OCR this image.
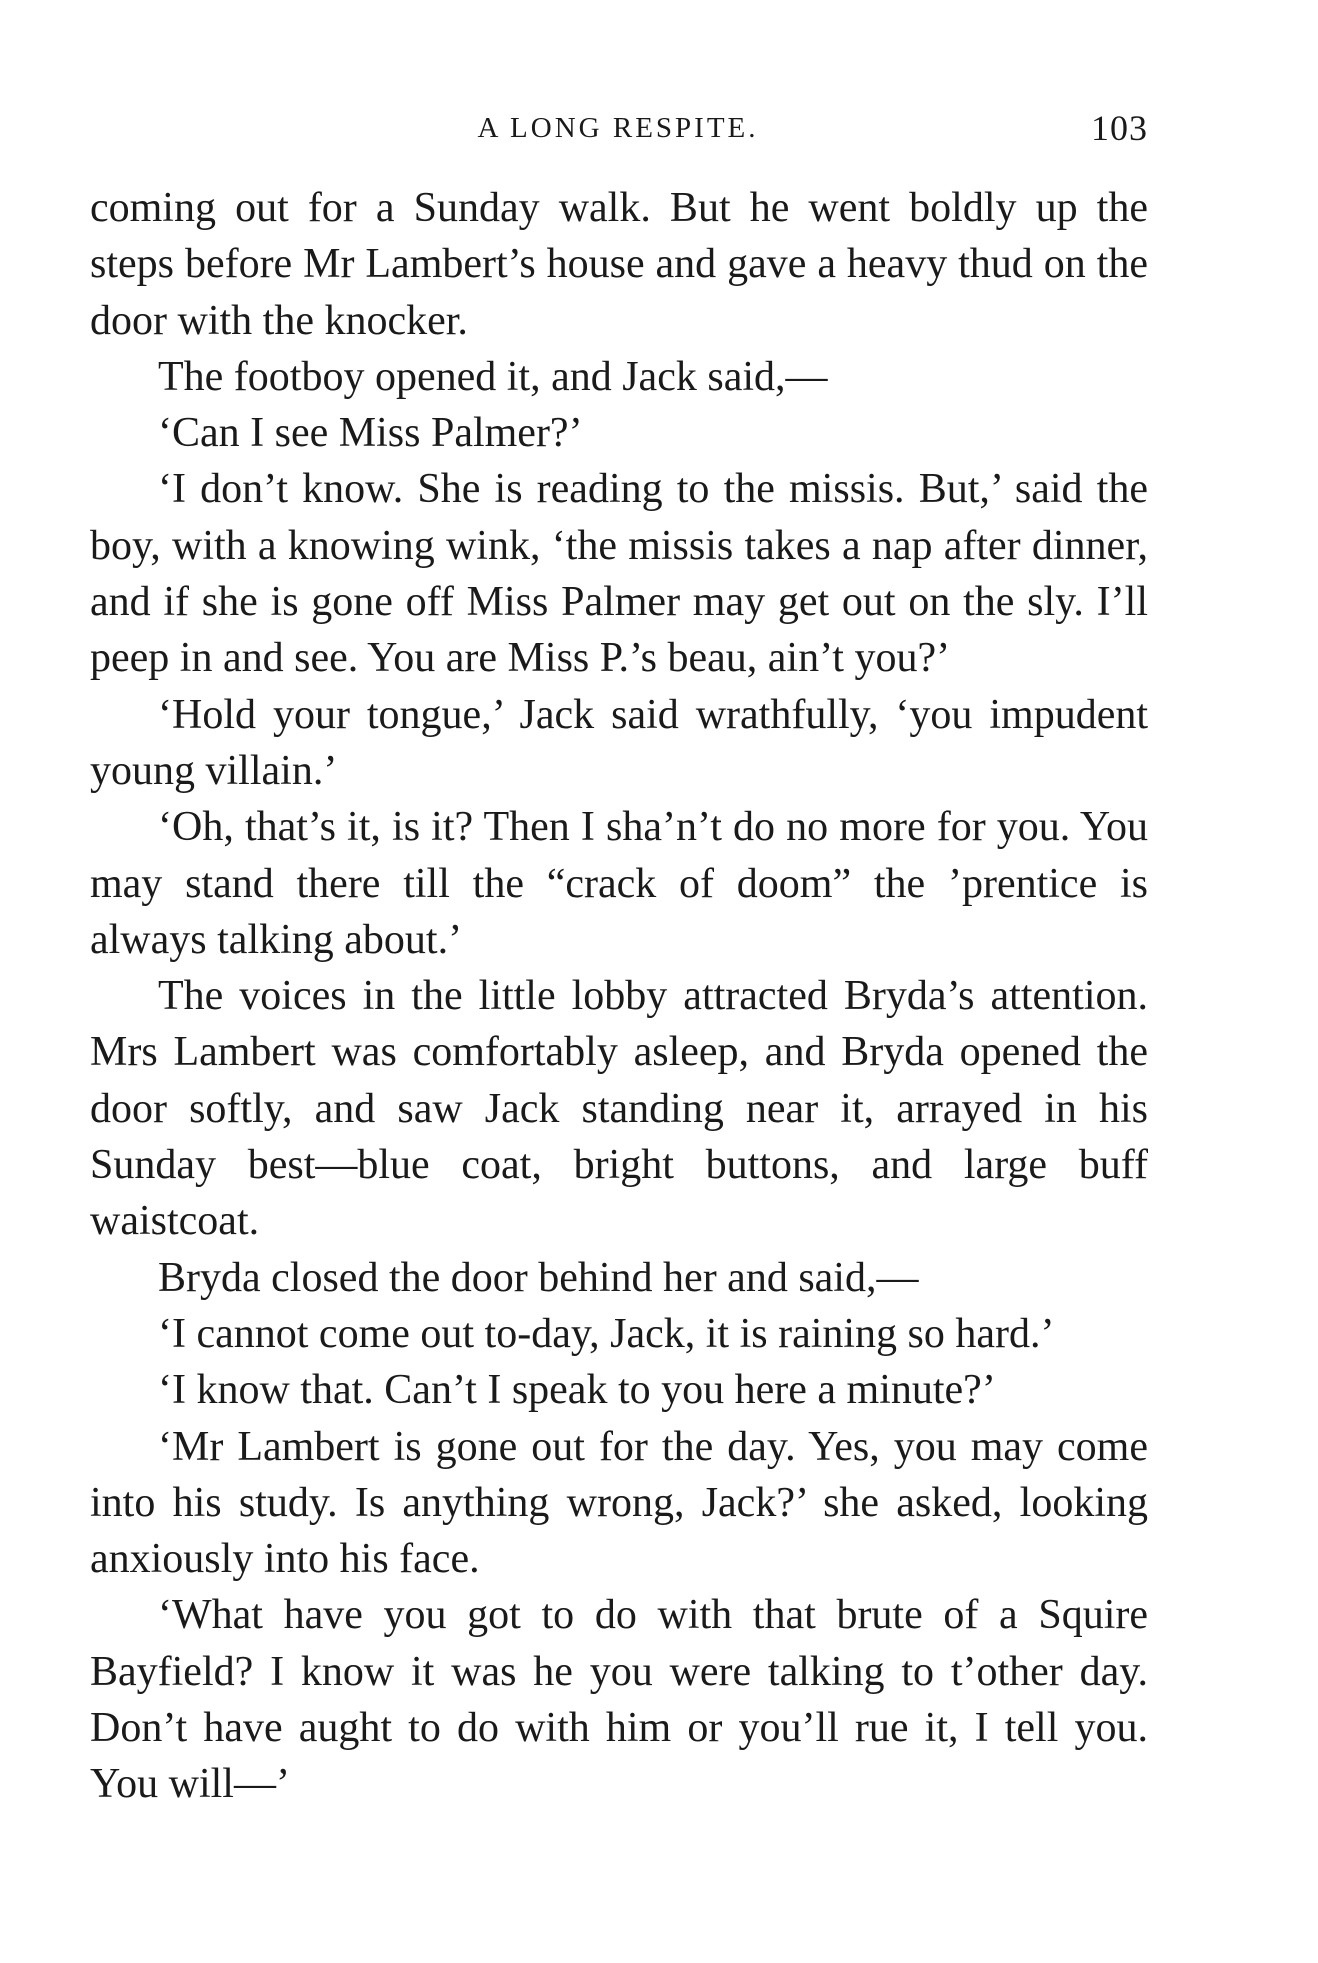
A LONG RESPITE.	103

coming out for a Sunday walk. But he went boldly up the steps before Mr Lambert’s house and gave a heavy thud on the door with the knocker.

The footboy opened it, and Jack said,—

‘Can I see Miss Palmer?’

‘I don’t know. She is reading to the missis. But,’ said the boy, with a knowing wink, ‘the missis takes a nap after dinner, and if she is gone off Miss Palmer may get out on the sly. I’ll peep in and see. You are Miss P.’s beau, ain’t you?’

‘Hold your tongue,’ Jack said wrathfully, ‘you impudent young villain.’

‘Oh, that’s it, is it? Then I sha’n’t do no more for you. You may stand there till the “crack of doom” the ’prentice is always talking about.’

The voices in the little lobby attracted Bryda’s attention. Mrs Lambert was comfortably asleep, and Bryda opened the door softly, and saw Jack standing near it, arrayed in his Sunday best—blue coat, bright buttons, and large buff waistcoat.

Bryda closed the door behind her and said,—

‘I cannot come out to-day, Jack, it is raining so hard.’

‘I know that. Can’t I speak to you here a minute?’

‘Mr Lambert is gone out for the day. Yes, you may come into his study. Is anything wrong, Jack?’ she asked, looking anxiously into his face.

‘What have you got to do with that brute of a Squire Bayfield? I know it was he you were talking to t’other day. Don’t have aught to do with him or you’ll rue it, I tell you. You will—’
